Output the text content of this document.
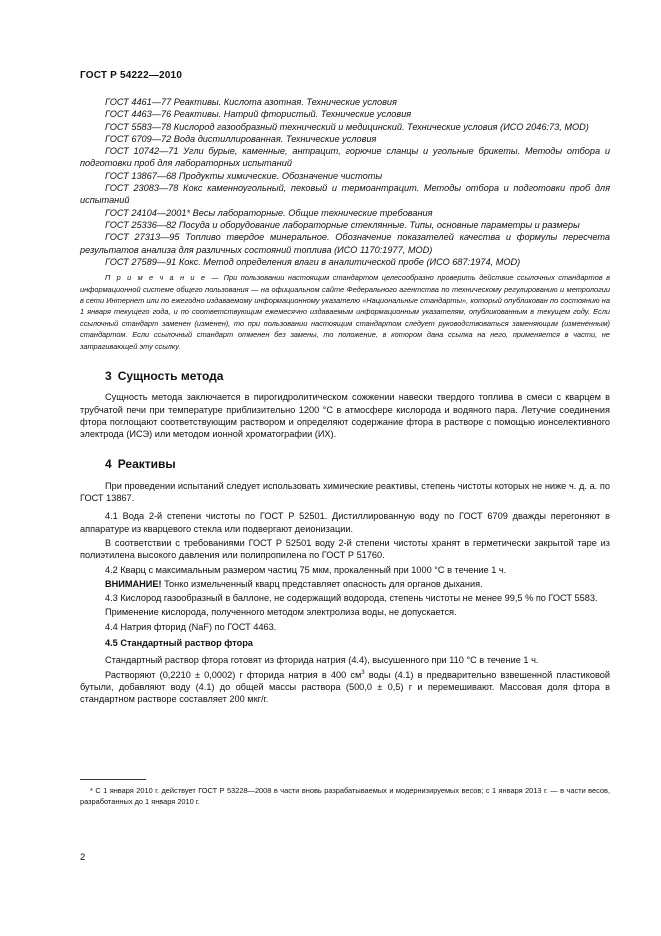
ГОСТ Р 54222—2010

ГОСТ 4461—77 Реактивы. Кислота азотная. Технические условия

ГОСТ 4463—76 Реактивы. Натрий фтористый. Технические условия

ГОСТ 5583—78 Кислород газообразный технический и медицинский. Технические условия (ИСО 2046:73, MOD)

ГОСТ 6709—72 Вода дистиллированная. Технические условия

ГОСТ 10742—71 Угли бурые, каменные, антрацит, горючие сланцы и угольные брикеты. Методы отбора и подготовки проб для лабораторных испытаний

ГОСТ 13867—68 Продукты химические. Обозначение чистоты

ГОСТ 23083—78 Кокс каменноугольный, пековый и термоантрацит. Методы отбора и подготовки проб для испытаний

ГОСТ 24104—2001* Весы лабораторные. Общие технические требования

ГОСТ 25336—82 Посуда и оборудование лабораторные стеклянные. Типы, основные параметры и размеры

ГОСТ 27313—95 Топливо твердое минеральное. Обозначение показателей качества и формулы пересчета результатов анализа для различных состояний топлива (ИСО 1170:1977, MOD)

ГОСТ 27589—91 Кокс. Метод определения влаги в аналитической пробе (ИСО 687:1974, MOD)

П р и м е ч а н и е — При пользовании настоящим стандартом целесообразно проверить действие ссылочных стандартов в информационной системе общего пользования — на официальном сайте Федерального агентства по техническому регулированию и метрологии в сети Интернет или по ежегодно издаваемому информационному указателю «Национальные стандарты», который опубликован по состоянию на 1 января текущего года, и по соответствующим ежемесячно издаваемым информационным указателям, опубликованным в текущем году. Если ссылочный стандарт заменен (изменен), то при пользовании настоящим стандартом следует руководствоваться заменяющим (измененным) стандартом. Если ссылочный стандарт отменен без замены, то положение, в котором дана ссылка на него, применяется в части, не затрагивающей эту ссылку.

3 Сущность метода

Сущность метода заключается в пирогидролитическом сожжении навески твердого топлива в смеси с кварцем в трубчатой печи при температуре приблизительно 1200 °С в атмосфере кислорода и водяного пара. Летучие соединения фтора поглощают соответствующим раствором и определяют содержание фтора в растворе с помощью ионселективного электрода (ИСЭ) или методом ионной хроматографии (ИХ).

4 Реактивы

При проведении испытаний следует использовать химические реактивы, степень чистоты которых не ниже ч. д. а. по ГОСТ 13867.

4.1 Вода 2-й степени чистоты по ГОСТ Р 52501. Дистиллированную воду по ГОСТ 6709 дважды перегоняют в аппаратуре из кварцевого стекла или подвергают деионизации.

В соответствии с требованиями ГОСТ Р 52501 воду 2-й степени чистоты хранят в герметически закрытой таре из полиэтилена высокого давления или полипропилена по ГОСТ Р 51760.

4.2 Кварц с максимальным размером частиц 75 мкм, прокаленный при 1000 °С в течение 1 ч.

ВНИМАНИЕ! Тонко измельченный кварц представляет опасность для органов дыхания.

4.3 Кислород газообразный в баллоне, не содержащий водорода, степень чистоты не менее 99,5 % по ГОСТ 5583.

Применение кислорода, полученного методом электролиза воды, не допускается.

4.4 Натрия фторид (NaF) по ГОСТ 4463.

4.5 Стандартный раствор фтора

Стандартный раствор фтора готовят из фторида натрия (4.4), высушенного при 110 °С в течение 1 ч.

Растворяют (0,2210 ± 0,0002) г фторида натрия в 400 $см^3$ воды (4.1) в предварительно взвешенной пластиковой бутыли, добавляют воду (4.1) до общей массы раствора (500,0 ± 0,5) г и перемешивают. Массовая доля фтора в стандартном растворе составляет 200 мкг/г.

* С 1 января 2010 г. действует ГОСТ Р 53228—2008 в части вновь разрабатываемых и модернизируемых весов; с 1 января 2013 г. — в части весов, разработанных до 1 января 2010 г.

2
